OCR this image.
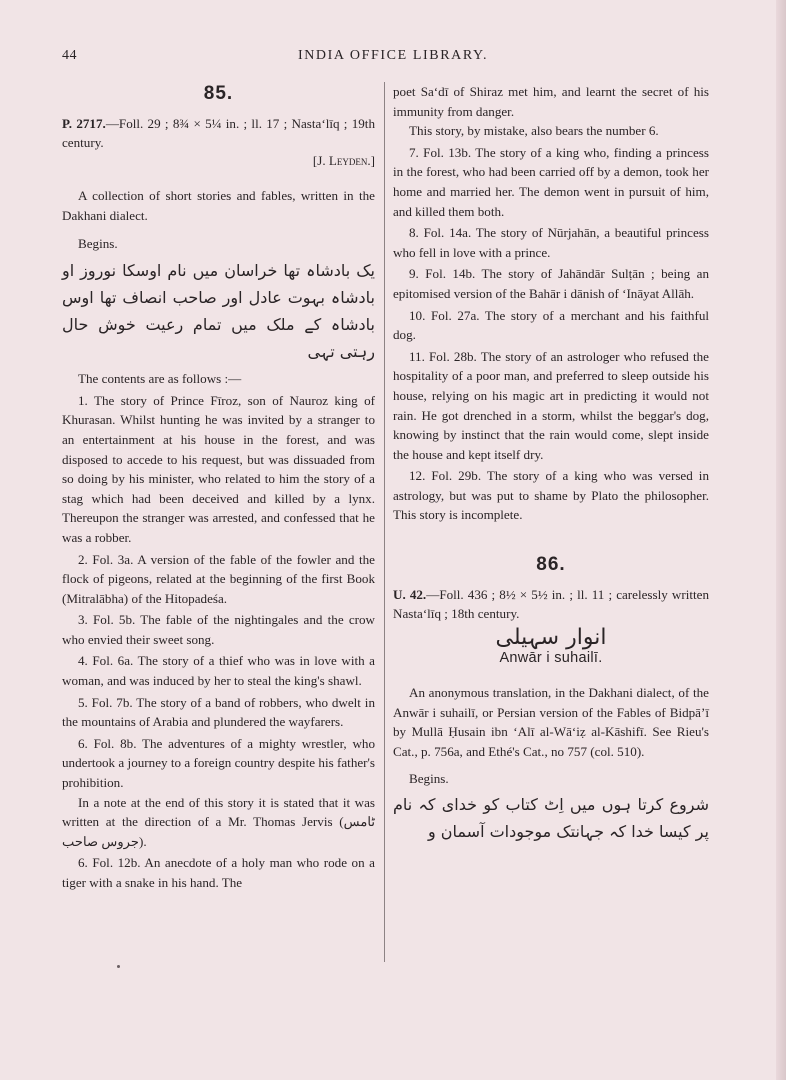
INDIA OFFICE LIBRARY.
44

85.

P. 2717.—Foll. 29 ; 8¾ × 5¼ in. ; ll. 17 ; Nasta‘līq ; 19th century.

[J. Leyden.]

A collection of short stories and fables, written in the Dakhani dialect.

Begins.

یک بادشاہ تھا خراسان میں نام اوسکا نوروز او بادشاہ بہوت عادل اور صاحب انصاف تھا اوس بادشاہ کے ملک میں تمام رعیت خوش حال رہتی تہی

The contents are as follows :—

1. The story of Prince Fīroz, son of Nauroz king of Khurasan. Whilst hunting he was invited by a stranger to an entertainment at his house in the forest, and was disposed to accede to his request, but was dissuaded from so doing by his minister, who related to him the story of a stag which had been deceived and killed by a lynx. Thereupon the stranger was arrested, and confessed that he was a robber.

2. Fol. 3a. A version of the fable of the fowler and the flock of pigeons, related at the beginning of the first Book (Mitralābha) of the Hitopadeśa.

3. Fol. 5b. The fable of the nightingales and the crow who envied their sweet song.

4. Fol. 6a. The story of a thief who was in love with a woman, and was induced by her to steal the king's shawl.

5. Fol. 7b. The story of a band of robbers, who dwelt in the mountains of Arabia and plundered the wayfarers.

6. Fol. 8b. The adventures of a mighty wrestler, who undertook a journey to a foreign country despite his father's prohibition.

In a note at the end of this story it is stated that it was written at the direction of a Mr. Thomas Jervis (ٹامس جروس صاحب).

6. Fol. 12b. An anecdote of a holy man who rode on a tiger with a snake in his hand. The

poet Sa‘dī of Shiraz met him, and learnt the secret of his immunity from danger.

This story, by mistake, also bears the number 6.

7. Fol. 13b. The story of a king who, finding a princess in the forest, who had been carried off by a demon, took her home and married her. The demon went in pursuit of him, and killed them both.

8. Fol. 14a. The story of Nūrjahān, a beautiful princess who fell in love with a prince.

9. Fol. 14b. The story of Jahāndār Sulṭān ; being an epitomised version of the Bahār i dānish of ‘Ināyat Allāh.

10. Fol. 27a. The story of a merchant and his faithful dog.

11. Fol. 28b. The story of an astrologer who refused the hospitality of a poor man, and preferred to sleep outside his house, relying on his magic art in predicting it would not rain. He got drenched in a storm, whilst the beggar's dog, knowing by instinct that the rain would come, slept inside the house and kept itself dry.

12. Fol. 29b. The story of a king who was versed in astrology, but was put to shame by Plato the philosopher. This story is incomplete.

86.

U. 42.—Foll. 436 ; 8½ × 5½ in. ; ll. 11 ; carelessly written Nasta‘līq ; 18th century.

انوار سہیلی

Anwār i suhailī.

An anonymous translation, in the Dakhani dialect, of the Anwār i suhailī, or Persian version of the Fables of Bidpā’ī by Mullā Ḥusain ibn ‘Alī al-Wā‘iẓ al-Kāshifī. See Rieu's Cat., p. 756a, and Ethé's Cat., no 757 (col. 510).

Begins.

شروع کرتا ہوں میں اِٹ کتاب کو خدای کہ نام پر کیسا خدا کہ جہانتک موجودات آسمان و
